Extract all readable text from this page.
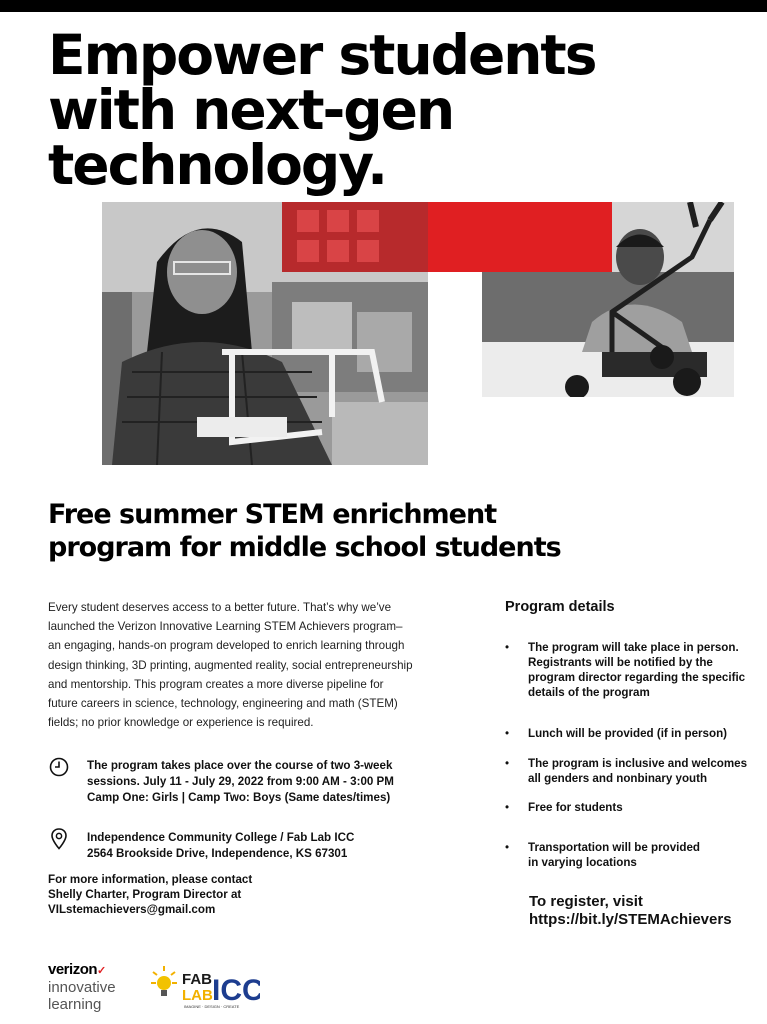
Empower students
with next-gen
technology.
Free summer STEM enrichment
program for middle school students
Every student deserves access to a better future. That’s why we’ve
launched the Verizon Innovative Learning STEM Achievers program–
an engaging, hands-on program developed to enrich learning through
design thinking, 3D printing, augmented reality, social entrepreneurship
and mentorship. This program creates a more diverse pipeline for
future careers in science, technology, engineering and math (STEM)
fields; no prior knowledge or experience is required.
The program takes place over the course of two 3-week
sessions. July 11 - July 29, 2022 from 9:00 AM - 3:00 PM
Camp One: Girls | Camp Two: Boys (Same dates/times)
Independence Community College / Fab Lab ICC
2564 Brookside Drive, Independence, KS 67301
For more information, please contact
Shelly Charter, Program Director at
VILstemachievers@gmail.com
Program details
• The program will take place in person.
Registrants will be notified by the
program director regarding the specific
details of the program
• Lunch will be provided (if in person)
• The program is inclusive and welcomes
all genders and nonbinary youth
• Free for students
• Transportation will be provided
in varying locations
To register, visit
https://bit.ly/STEMAchievers
verizon✓
innovative
learning
FAB
LAB ICC
IMAGINE · DESIGN · CREATE
